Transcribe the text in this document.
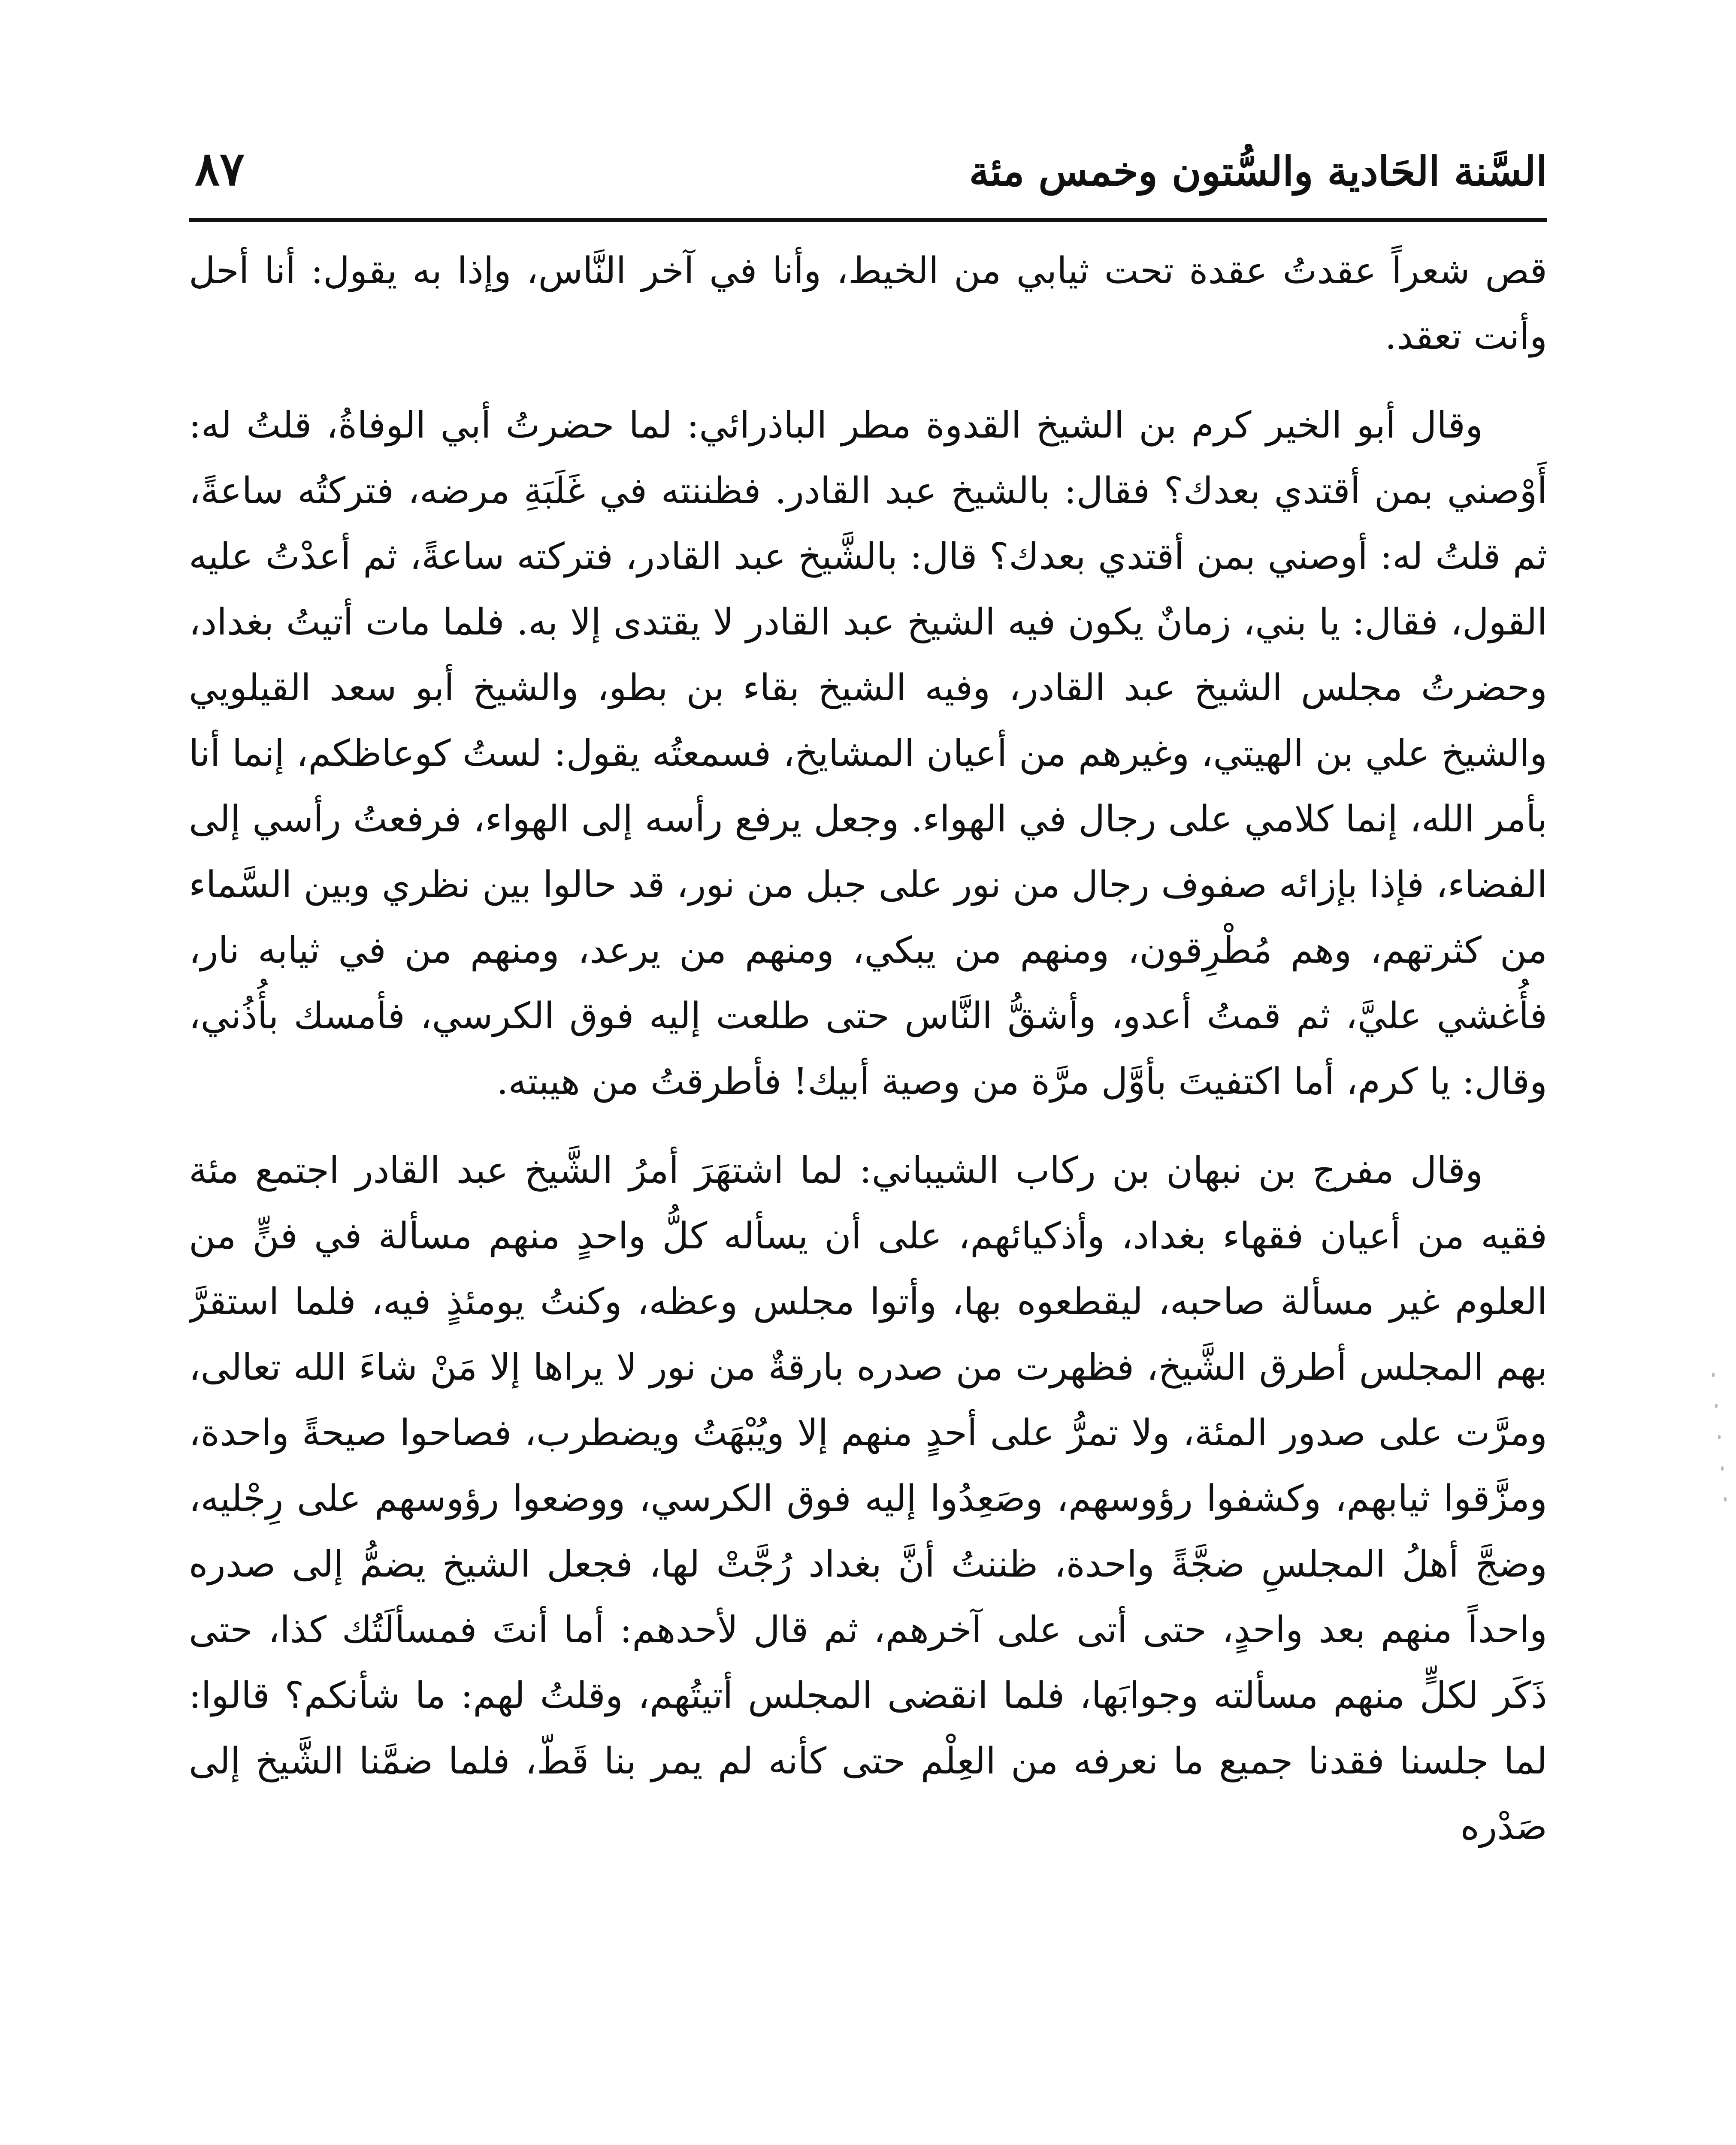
السَّنة الحَادية والسُّتون وخمس مئة
٨٧

قص شعراً عقدتُ عقدة تحت ثيابي من الخيط، وأنا في آخر النَّاس، وإذا به يقول: أنا أحل وأنت تعقد.

وقال أبو الخير كرم بن الشيخ القدوة مطر الباذرائي: لما حضرتُ أبي الوفاةُ، قلتُ له: أَوْصني بمن أقتدي بعدك؟ فقال: بالشيخ عبد القادر. فظننته في غَلَبَةِ مرضه، فتركتُه ساعةً، ثم قلتُ له: أوصني بمن أقتدي بعدك؟ قال: بالشَّيخ عبد القادر، فتركته ساعةً، ثم أعدْتُ عليه القول، فقال: يا بني، زمانٌ يكون فيه الشيخ عبد القادر لا يقتدى إلا به. فلما مات أتيتُ بغداد، وحضرتُ مجلس الشيخ عبد القادر، وفيه الشيخ بقاء بن بطو، والشيخ أبو سعد القيلويي والشيخ علي بن الهيتي، وغيرهم من أعيان المشايخ، فسمعتُه يقول: لستُ كوعاظكم، إنما أنا بأمر الله، إنما كلامي على رجال في الهواء. وجعل يرفع رأسه إلى الهواء، فرفعتُ رأسي إلى الفضاء، فإذا بإزائه صفوف رجال من نور على جبل من نور، قد حالوا بين نظري وبين السَّماء من كثرتهم، وهم مُطْرِقون، ومنهم من يبكي، ومنهم من يرعد، ومنهم من في ثيابه نار، فأُغشي عليَّ، ثم قمتُ أعدو، وأشقُّ النَّاس حتى طلعت إليه فوق الكرسي، فأمسك بأُذُني، وقال: يا كرم، أما اكتفيتَ بأوَّل مرَّة من وصية أبيك! فأطرقتُ من هيبته.

وقال مفرج بن نبهان بن ركاب الشيباني: لما اشتهَرَ أمرُ الشَّيخ عبد القادر اجتمع مئة فقيه من أعيان فقهاء بغداد، وأذكيائهم، على أن يسأله كلُّ واحدٍ منهم مسألة في فنٍّ من العلوم غير مسألة صاحبه، ليقطعوه بها، وأتوا مجلس وعظه، وكنتُ يومئذٍ فيه، فلما استقرَّ بهم المجلس أطرق الشَّيخ، فظهرت من صدره بارقةٌ من نور لا يراها إلا مَنْ شاءَ الله تعالى، ومرَّت على صدور المئة، ولا تمرُّ على أحدٍ منهم إلا ويُبْهَتُ ويضطرب، فصاحوا صيحةً واحدة، ومزَّقوا ثيابهم، وكشفوا رؤوسهم، وصَعِدُوا إليه فوق الكرسي، ووضعوا رؤوسهم على رِجْليه، وضجَّ أهلُ المجلسِ ضجَّةً واحدة، ظننتُ أنَّ بغداد رُجَّتْ لها، فجعل الشيخ يضمُّ إلى صدره واحداً منهم بعد واحدٍ، حتى أتى على آخرهم، ثم قال لأحدهم: أما أنتَ فمسألَتُك كذا، حتى ذَكَر لكلٍّ منهم مسألته وجوابَها، فلما انقضى المجلس أتيتُهم، وقلتُ لهم: ما شأنكم؟ قالوا: لما جلسنا فقدنا جميع ما نعرفه من العِلْم حتى كأنه لم يمر بنا قَطّ، فلما ضمَّنا الشَّيخ إلى صَدْره
